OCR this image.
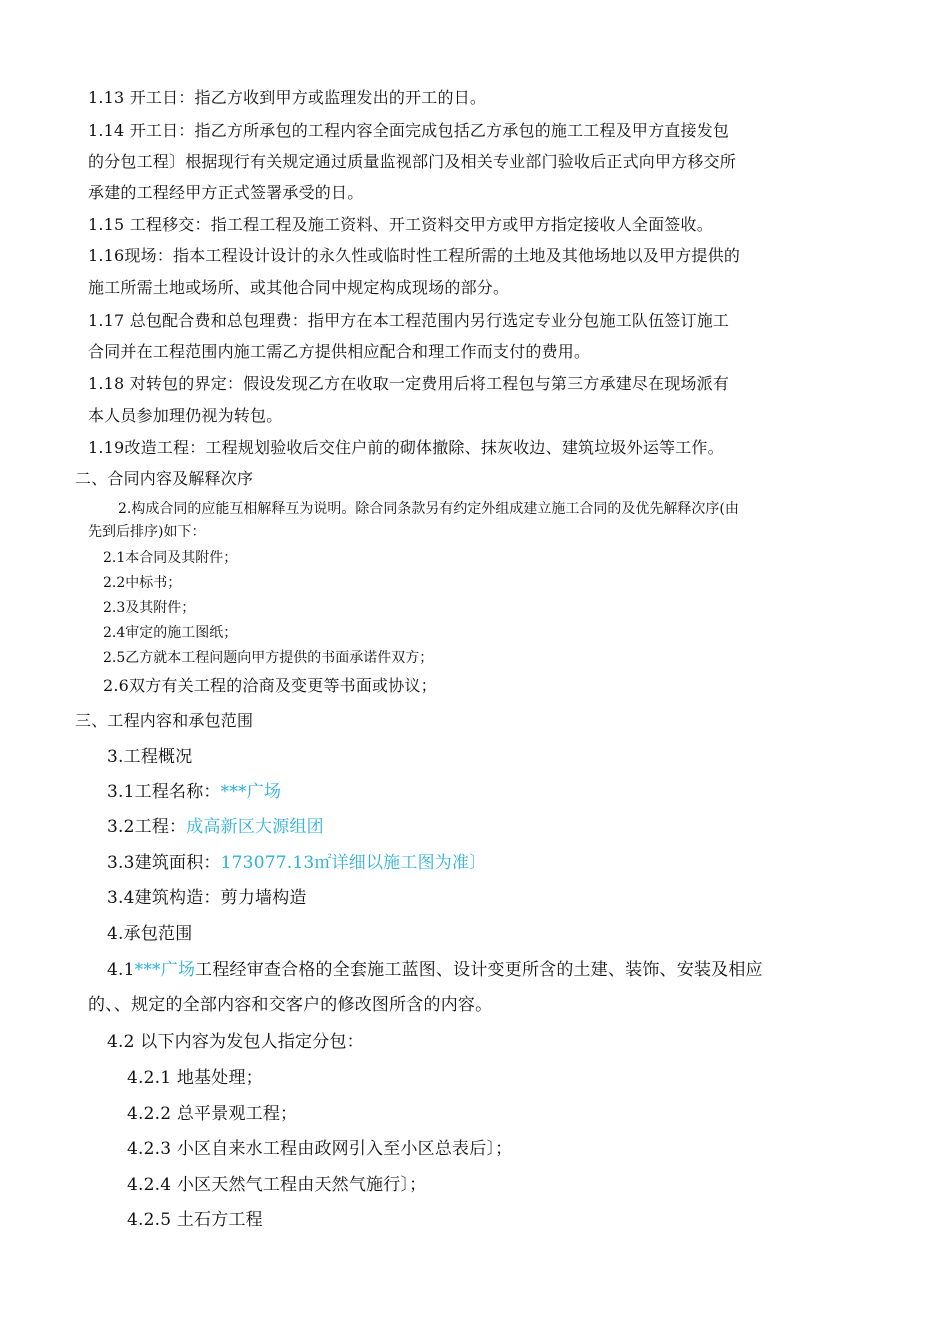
1.13 开工日：指乙方收到甲方或监理发出的开工的日。

1.14 开工日：指乙方所承包的工程内容全面完成包括乙方承包的施工工程及甲方直接发包

的分包工程〕根据现行有关规定通过质量监视部门及相关专业部门验收后正式向甲方移交所

承建的工程经甲方正式签署承受的日。

1.15 工程移交：指工程工程及施工资料、开工资料交甲方或甲方指定接收人全面签收。

1.16现场：指本工程设计设计的永久性或临时性工程所需的土地及其他场地以及甲方提供的

施工所需土地或场所、或其他合同中规定构成现场的部分。

1.17 总包配合费和总包理费：指甲方在本工程范围内另行选定专业分包施工队伍签订施工

合同并在工程范围内施工需乙方提供相应配合和理工作而支付的费用。

1.18 对转包的界定：假设发现乙方在收取一定费用后将工程包与第三方承建尽在现场派有

本人员参加理仍视为转包。

1.19改造工程：工程规划验收后交住户前的砌体撤除、抹灰收边、建筑垃圾外运等工作。

二、合同内容及解释次序

2.构成合同的应能互相解释互为说明。除合同条款另有约定外组成建立施工合同的及优先解释次序(由

先到后排序)如下：

2.1本合同及其附件；

2.2中标书；

2.3及其附件；

2.4审定的施工图纸；

2.5乙方就本工程问题向甲方提供的书面承诺件双方；

2.6双方有关工程的洽商及变更等书面或协议；

三、工程内容和承包范围

3.工程概况

3.1工程名称：***广场

3.2工程：成高新区大源组团

3.3建筑面积：173077.13㎡详细以施工图为准〕

3.4建筑构造：剪力墙构造

4.承包范围

4.1***广场工程经审查合格的全套施工蓝图、设计变更所含的土建、装饰、安装及相应

的、、规定的全部内容和交客户的修改图所含的内容。

4.2 以下内容为发包人指定分包：

4.2.1 地基处理；

4.2.2 总平景观工程；

4.2.3 小区自来水工程由政网引入至小区总表后〕；

4.2.4 小区天然气工程由天然气施行〕；

4.2.5 土石方工程
